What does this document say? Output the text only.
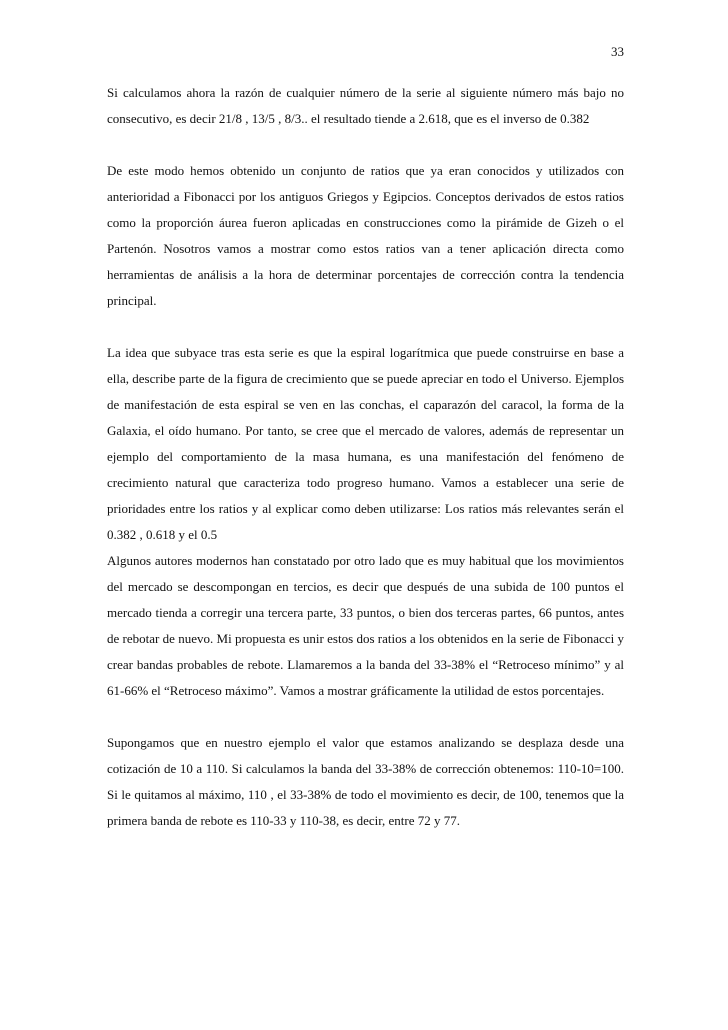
33

Si calculamos ahora la razón de cualquier número de la serie al siguiente número más bajo no consecutivo, es decir 21/8 , 13/5 , 8/3.. el resultado tiende a 2.618, que es el inverso de 0.382

De este modo hemos obtenido un conjunto de ratios que ya eran conocidos y utilizados con anterioridad a Fibonacci por los antiguos Griegos y Egipcios. Conceptos derivados de estos ratios como la proporción áurea fueron aplicadas en construcciones como la pirámide de Gizeh o el Partenón. Nosotros vamos a mostrar como estos ratios van a tener aplicación directa como herramientas de análisis a la hora de determinar porcentajes de corrección contra la tendencia principal.

La idea que subyace tras esta serie es que la espiral logarítmica que puede construirse en base a ella, describe parte de la figura de crecimiento que se puede apreciar en todo el Universo. Ejemplos de manifestación de esta espiral se ven en las conchas, el caparazón del caracol, la forma de la Galaxia, el oído humano. Por tanto, se cree que el mercado de valores, además de representar un ejemplo del comportamiento de la masa humana, es una manifestación del fenómeno de crecimiento natural que caracteriza todo progreso humano. Vamos a establecer una serie de prioridades entre los ratios y al explicar como deben utilizarse: Los ratios más relevantes serán el 0.382 , 0.618 y el 0.5

Algunos autores modernos han constatado por otro lado que es muy habitual que los movimientos del mercado se descompongan en tercios, es decir que después de una subida de 100 puntos el mercado tienda a corregir una tercera parte, 33 puntos, o bien dos terceras partes, 66 puntos, antes de rebotar de nuevo. Mi propuesta es unir estos dos ratios a los obtenidos en la serie de Fibonacci y crear bandas probables de rebote. Llamaremos a la banda del 33-38% el “Retroceso mínimo” y al 61-66% el “Retroceso máximo”. Vamos a mostrar gráficamente la utilidad de estos porcentajes.

Supongamos que en nuestro ejemplo el valor que estamos analizando se desplaza desde una cotización de 10 a 110. Si calculamos la banda del 33-38% de corrección obtenemos: 110-10=100. Si le quitamos al máximo, 110 , el 33-38% de todo el movimiento es decir, de 100, tenemos que la primera banda de rebote es 110-33 y 110-38, es decir, entre 72 y 77.
